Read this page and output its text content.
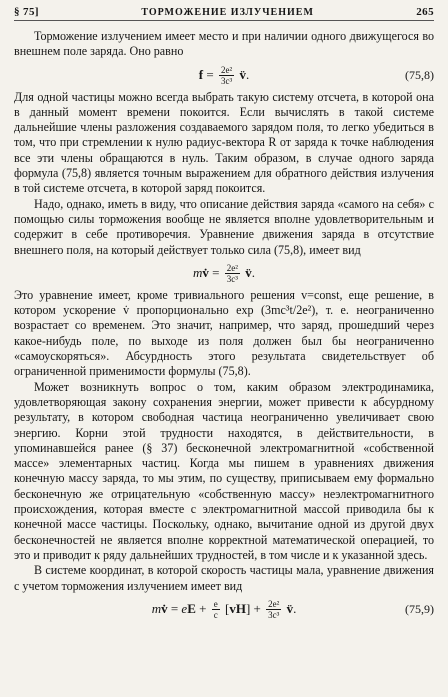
§ 75]	ТОРМОЖЕНИЕ ИЗЛУЧЕНИЕМ	265

Торможение излучением имеет место и при наличии одного движущегося во внешнем поле заряда. Оно равно

$f = \frac{\text{2e²}}{\text{3c³}}$ v̈.	(75,8)

Для одной частицы можно всегда выбрать такую систему отсчета, в которой она в данный момент времени покоится. Если вычислять в такой системе дальнейшие члены разложения создаваемого зарядом поля, то легко убедиться в том, что при стремлении к нулю радиус-вектора R от заряда к точке наблюдения все эти члены обращаются в нуль. Таким образом, в случае одного заряда формула (75,8) является точным выражением для обратного действия излучения в той системе отсчета, в которой заряд покоится.

Надо, однако, иметь в виду, что описание действия заряда «самого на себя» с помощью силы торможения вообще не является вполне удовлетворительным и содержит в себе противоречия. Уравнение движения заряда в отсутствие внешнего поля, на который действует только сила (75,8), имеет вид

mv̇ = $\frac{\text{2e²}}{\text{3c³}}$ v̈.

Это уравнение имеет, кроме тривиального решения v=const, еще решение, в котором ускорение v̇ пропорционально exp (3mc³t/2e²), т. е. неограниченно возрастает со временем. Это значит, например, что заряд, прошедший через какое-нибудь поле, по выходе из поля должен был бы неограниченно «самоускоряться». Абсурдность этого результата свидетельствует об ограниченной применимости формулы (75,8).

Может возникнуть вопрос о том, каким образом электродинамика, удовлетворяющая закону сохранения энергии, может привести к абсурдному результату, в котором свободная частица неограниченно увеличивает свою энергию. Корни этой трудности находятся, в действительности, в упоминавшейся ранее (§ 37) бесконечной электромагнитной «собственной массе» элементарных частиц. Когда мы пишем в уравнениях движения конечную массу заряда, то мы этим, по существу, приписываем ему формально бесконечную же отрицательную «собственную массу» неэлектромагнитного происхождения, которая вместе с электромагнитной массой приводила бы к конечной массе частицы. Поскольку, однако, вычитание одной из другой двух бесконечностей не является вполне корректной математической операцией, то это и приводит к ряду дальнейших трудностей, в том числе и к указанной здесь.

В системе координат, в которой скорость частицы мала, уравнение движения с учетом торможения излучением имеет вид

mv̇ = eE + $\frac{e}{c} [vH] + \frac{\text{2e²}}{\text{3c³}}$ v̈.	(75,9)
